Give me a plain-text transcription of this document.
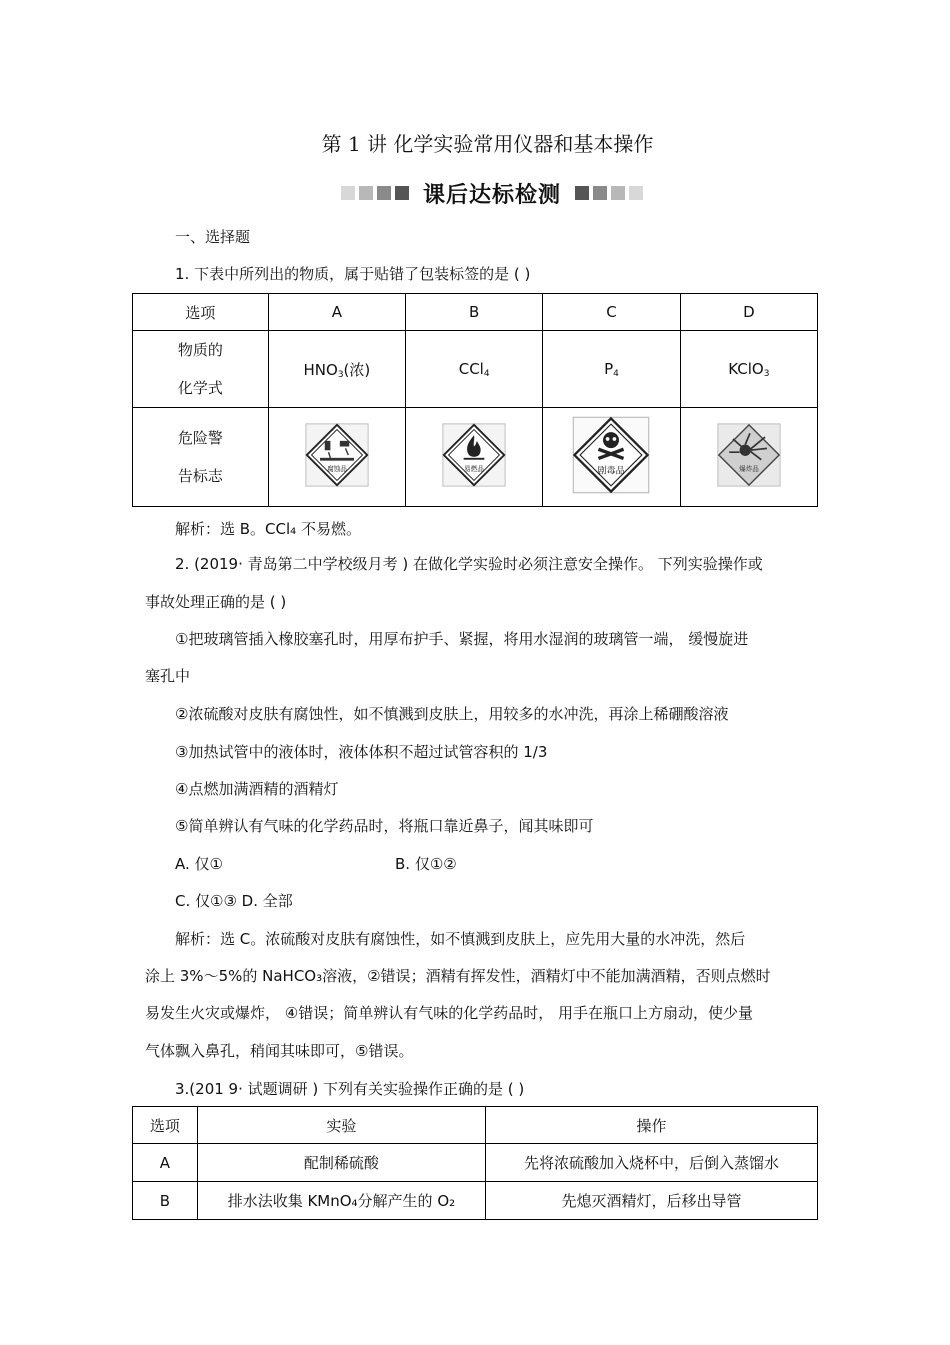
第 1 讲 化学实验常用仪器和基本操作
课后达标检测
一、选择题
1. 下表中所列出的物质，属于贴错了包装标签的是 ( )
选项	A	B	C	D

物质的
化学式	$HNO_3$(浓)	CCl$_4$	$P_4$	KClO$_3$

危险警
告标志	腐蚀品	易燃品	剧毒品	爆炸品
解析：选 B。CCl₄ 不易燃。
2. (2019· 青岛第二中学校级月考 ) 在做化学实验时必须注意安全操作。 下列实验操作或
事故处理正确的是 ( )
①把玻璃管插入橡胶塞孔时，用厚布护手、紧握，将用水湿润的玻璃管一端， 缓慢旋进
塞孔中
②浓硫酸对皮肤有腐蚀性，如不慎溅到皮肤上，用较多的水冲洗，再涂上稀硼酸溶液
③加热试管中的液体时，液体体积不超过试管容积的 1/3
④点燃加满酒精的酒精灯
⑤简单辨认有气味的化学药品时，将瓶口靠近鼻子，闻其味即可
A. 仅①	B. 仅①②
C. 仅①③ D. 全部
解析：选 C。浓硫酸对皮肤有腐蚀性，如不慎溅到皮肤上，应先用大量的水冲洗，然后
涂上 3%～5%的 NaHCO₃溶液，②错误；酒精有挥发性，酒精灯中不能加满酒精，否则点燃时
易发生火灾或爆炸， ④错误；简单辨认有气味的化学药品时， 用手在瓶口上方扇动，使少量
气体飘入鼻孔，稍闻其味即可，⑤错误。
3.(201 9· 试题调研 ) 下列有关实验操作正确的是 ( )
选项	实验	操作
A	配制稀硫酸	先将浓硫酸加入烧杯中，后倒入蒸馏水
B	排水法收集 KMnO₄分解产生的 O₂	先熄灭酒精灯，后移出导管
